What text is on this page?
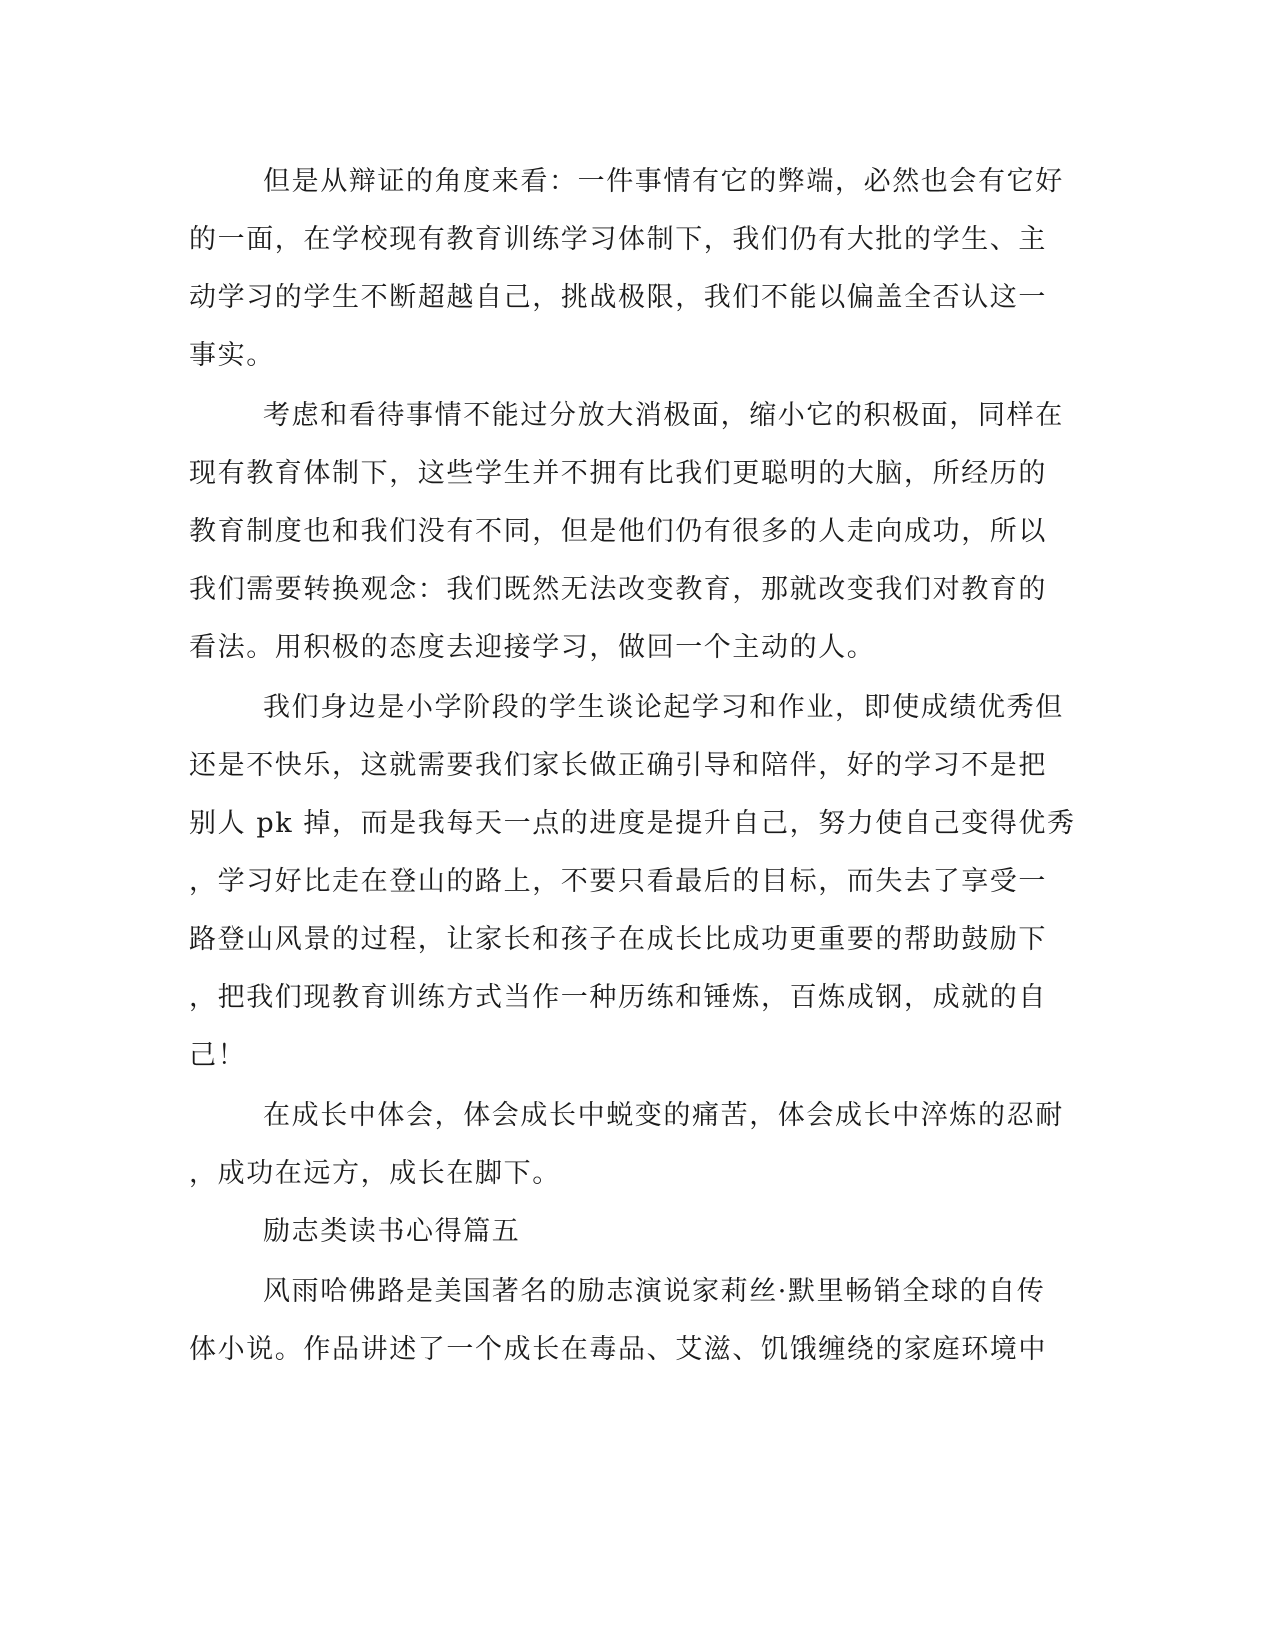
但是从辩证的角度来看：一件事情有它的弊端，必然也会有它好

的一面，在学校现有教育训练学习体制下，我们仍有大批的学生、主

动学习的学生不断超越自己，挑战极限，我们不能以偏盖全否认这一

事实。

考虑和看待事情不能过分放大消极面，缩小它的积极面，同样在

现有教育体制下，这些学生并不拥有比我们更聪明的大脑，所经历的

教育制度也和我们没有不同，但是他们仍有很多的人走向成功，所以

我们需要转换观念：我们既然无法改变教育，那就改变我们对教育的

看法。用积极的态度去迎接学习，做回一个主动的人。

我们身边是小学阶段的学生谈论起学习和作业，即使成绩优秀但

还是不快乐，这就需要我们家长做正确引导和陪伴，好的学习不是把

别人 pk 掉，而是我每天一点的进度是提升自己，努力使自己变得优秀

，学习好比走在登山的路上，不要只看最后的目标，而失去了享受一

路登山风景的过程，让家长和孩子在成长比成功更重要的帮助鼓励下

，把我们现教育训练方式当作一种历练和锤炼，百炼成钢，成就的自

己！

在成长中体会，体会成长中蜕变的痛苦，体会成长中淬炼的忍耐

，成功在远方，成长在脚下。

励志类读书心得篇五

风雨哈佛路是美国著名的励志演说家莉丝·默里畅销全球的自传

体小说。作品讲述了一个成长在毒品、艾滋、饥饿缠绕的家庭环境中
